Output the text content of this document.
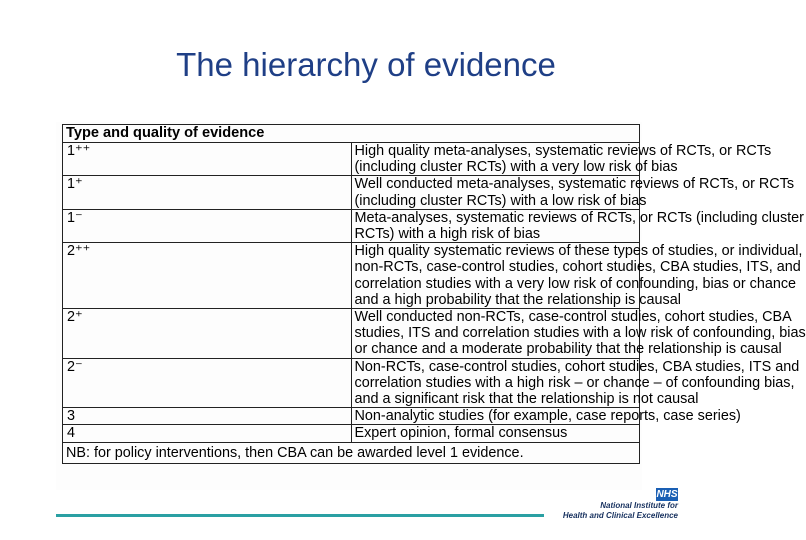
The hierarchy of evidence
Type and quality of evidence	
1⁺⁺	High quality meta-analyses, systematic reviews of RCTs, or RCTs
(including cluster RCTs) with a very low risk of bias

1⁺	Well conducted meta-analyses, systematic reviews of RCTs, or RCTs
(including cluster RCTs) with a low risk of bias

1⁻	Meta-analyses, systematic reviews of RCTs, or RCTs (including cluster
RCTs) with a high risk of bias

2⁺⁺	High quality systematic reviews of these types of studies, or individual,
non-RCTs, case-control studies, cohort studies, CBA studies, ITS, and
correlation studies with a very low risk of confounding, bias or chance
and a high probability that the relationship is causal

2⁺	Well conducted non-RCTs, case-control studies, cohort studies, CBA
studies, ITS and correlation studies with a low risk of confounding, bias
or chance and a moderate probability that the relationship is causal

2⁻	Non-RCTs, case-control studies, cohort studies, CBA studies, ITS and
correlation studies with a high risk – or chance – of confounding bias,
and a significant risk that the relationship is not causal

3	Non-analytic studies (for example, case reports, case series)

4	Expert opinion, formal consensus

NB: for policy interventions, then CBA can be awarded level 1 evidence.	
NHS
National Institute for
Health and Clinical Excellence
